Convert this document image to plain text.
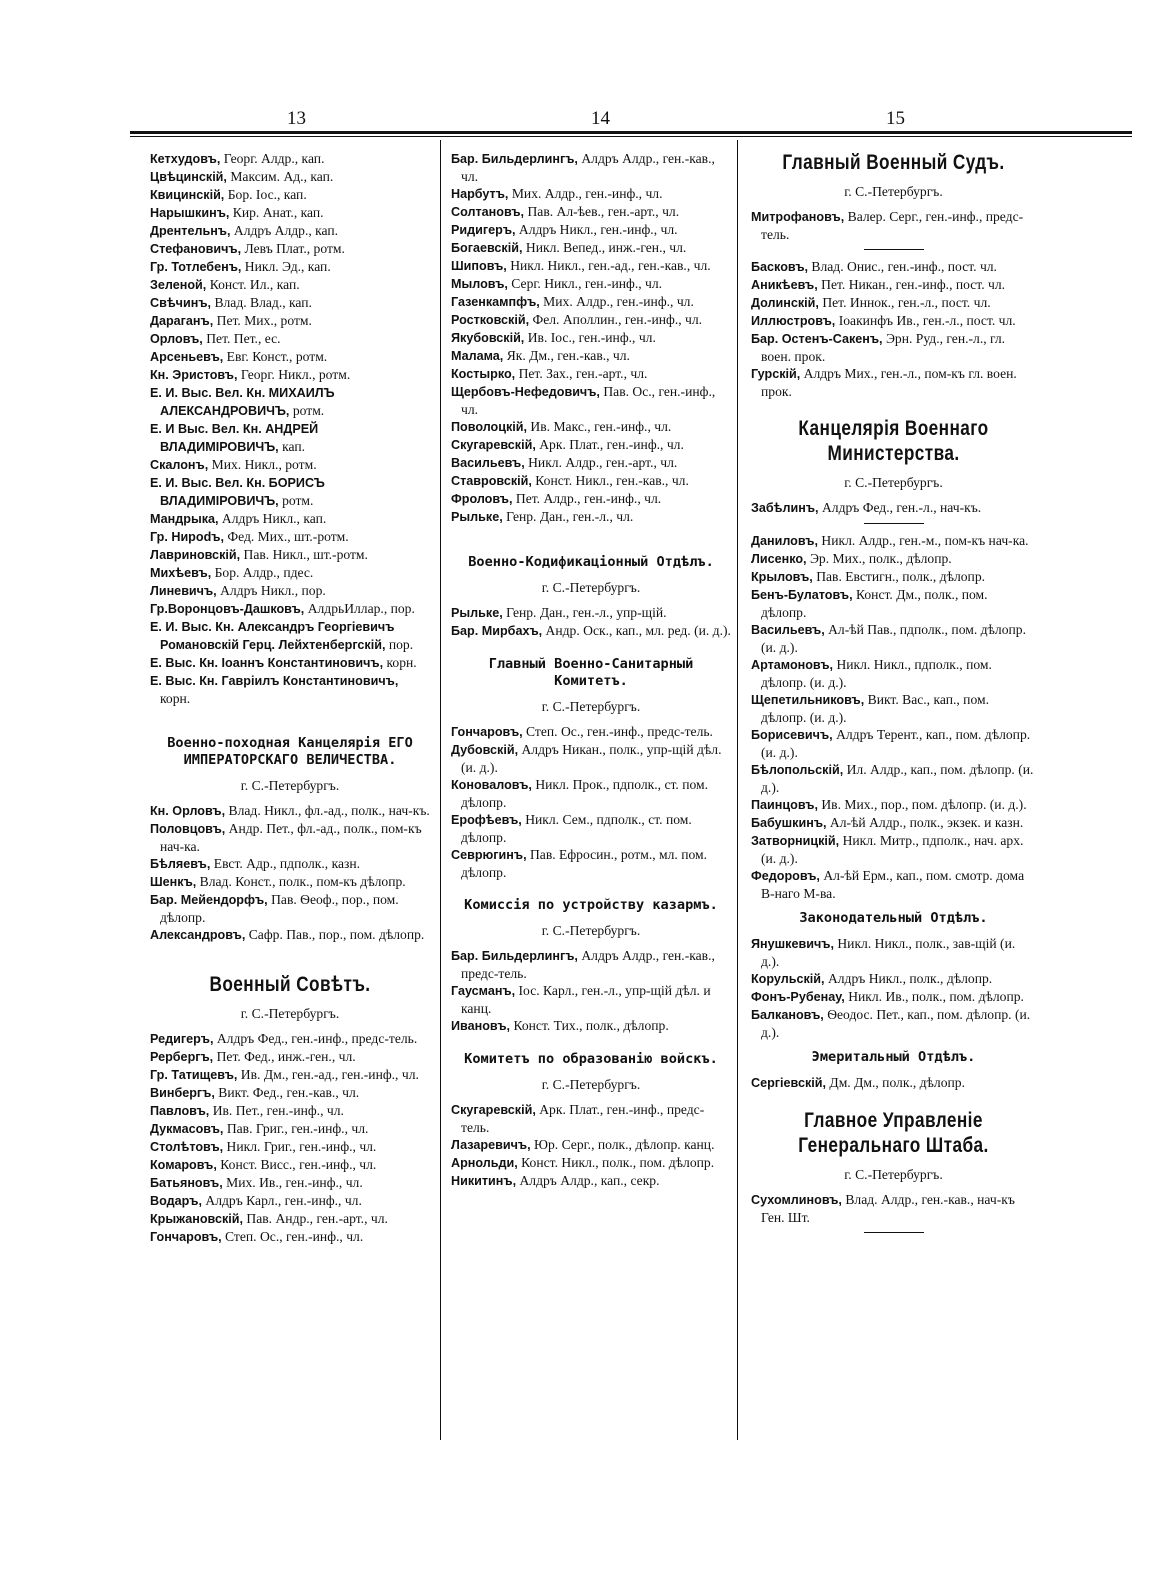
13	14	15
Кетхудовъ, Георг. Алдр., кап.
Цвѣцинскій, Максим. Ад., кап.
Квицинскій, Бор. Іос., кап.
Нарышкинъ, Кир. Анат., кап.
Дрентельнъ, Алдръ Алдр., кап.
Стефановичъ, Левъ Плат., ротм.
Гр. Тотлебенъ, Никл. Эд., кап.
Зеленой, Конст. Ил., кап.
Свѣчинъ, Влад. Влад., кап.
Дараганъ, Пет. Мих., ротм.
Орловъ, Пет. Пет., ес.
Арсеньевъ, Евг. Конст., ротм.
Кн. Эристовъ, Георг. Никл., ротм.
Е. И. Выс. Вел. Кн. МИХАИЛЪ АЛЕКСАНДРОВИЧЪ, ротм.
Е. И Выс. Вел. Кн. АНДРЕЙ ВЛАДИМІРОВИЧЪ, кап.
Скалонъ, Мих. Никл., ротм.
Е. И. Выс. Вел. Кн. БОРИСЪ ВЛАДИМІРОВИЧЪ, ротм.
Мандрыка, Алдръ Никл., кап.
Гр. Нироdъ, Фед. Мих., шт.-ротм.
Лавриновскій, Пав. Никл., шт.-ротм.
Михѣевъ, Бор. Алдр., пдес.
Линевичъ, Алдръ Никл., пор.
Гр.Воронцовъ-Дашковъ, АлдрьИллар., пор.
Е. И. Выс. Кн. Александръ Георгіевичъ Романовскій Герц. Лейхтенбергскій, пор.
Е. Выс. Кн. Іоаннъ Константиновичъ, корн.
Е. Выс. Кн. Гавріилъ Константиновичъ, корн.
Военно-походная Канцелярія ЕГО ИМПЕРАТОРСКАГО ВЕЛИЧЕСТВА.
г. С.-Петербургъ.
Кн. Орловъ, Влад. Никл., фл.-ад., полк., нач-къ.
Половцовъ, Андр. Пет., фл.-ад., полк., пом-къ нач-ка.
Бѣляевъ, Евст. Адр., пдполк., казн.
Шенкъ, Влад. Конст., полк., пом-къ дѣлопр.
Бар. Мейендорфъ, Пав. Ѳеоф., пор., пом. дѣлопр.
Александровъ, Сафр. Пав., пор., пом. дѣлопр.
Военный Совѣтъ.
г. С.-Петербургъ.
Редигеръ, Алдръ Фед., ген.-инф., предс-тель.
Рербергъ, Пет. Фед., инж.-ген., чл.
Гр. Татищевъ, Ив. Дм., ген.-ад., ген.-инф., чл.
Винбергъ, Викт. Фед., ген.-кав., чл.
Павловъ, Ив. Пет., ген.-инф., чл.
Дукмасовъ, Пав. Григ., ген.-инф., чл.
Столѣтовъ, Никл. Григ., ген.-инф., чл.
Комаровъ, Конст. Висс., ген.-инф., чл.
Батьяновъ, Мих. Ив., ген.-инф., чл.
Водаръ, Алдръ Карл., ген.-инф., чл.
Крыжановскій, Пав. Андр., ген.-арт., чл.
Гончаровъ, Степ. Ос., ген.-инф., чл.
Бар. Бильдерлингъ, Алдръ Алдр., ген.-кав., чл.
Нарбутъ, Мих. Алдр., ген.-инф., чл.
Солтановъ, Пав. Ал-ѣев., ген.-арт., чл.
Ридигеръ, Алдръ Никл., ген.-инф., чл.
Богаевскій, Никл. Вепед., инж.-ген., чл.
Шиповъ, Никл. Никл., ген.-ад., ген.-кав., чл.
Мыловъ, Серг. Никл., ген.-инф., чл.
Газенкампфъ, Мих. Алдр., ген.-инф., чл.
Ростковскій, Фел. Аполлин., ген.-инф., чл.
Якубовскій, Ив. Іос., ген.-инф., чл.
Малама, Як. Дм., ген.-кав., чл.
Костырко, Пет. Зах., ген.-арт., чл.
Щербовъ-Нефедовичъ, Пав. Ос., ген.-инф., чл.
Поволоцкій, Ив. Макс., ген.-инф., чл.
Скугаревскій, Арк. Плат., ген.-инф., чл.
Васильевъ, Никл. Алдр., ген.-арт., чл.
Ставровскій, Конст. Никл., ген.-кав., чл.
Фроловъ, Пет. Алдр., ген.-инф., чл.
Рыльке, Генр. Дан., ген.-л., чл.
Военно-Кодификаціонный Отдѣлъ.
г. С.-Петербургъ.
Рыльке, Генр. Дан., ген.-л., упр-щій.
Бар. Мирбахъ, Андр. Оск., кап., мл. ред. (и. д.).
Главный Военно-Санитарный Комитетъ.
г. С.-Петербургъ.
Гончаровъ, Степ. Ос., ген.-инф., предс-тель.
Дубовскій, Алдръ Никан., полк., упр-щій дѣл. (и. д.).
Коноваловъ, Никл. Прок., пдполк., ст. пом. дѣлопр.
Ерофѣевъ, Никл. Сем., пдполк., ст. пом. дѣлопр.
Севрюгинъ, Пав. Ефросин., ротм., мл. пом. дѣлопр.
Комиссія по устройству казармъ.
г. С.-Петербургъ.
Бар. Бильдерлингъ, Алдръ Алдр., ген.-кав., предс-тель.
Гаусманъ, Іос. Карл., ген.-л., упр-щій дѣл. и канц.
Ивановъ, Конст. Тих., полк., дѣлопр.
Комитетъ по образованію войскъ.
г. С.-Петербургъ.
Скугаревскій, Арк. Плат., ген.-инф., предс-тель.
Лазаревичъ, Юр. Серг., полк., дѣлопр. канц.
Арнольди, Конст. Никл., полк., пом. дѣлопр.
Никитинъ, Алдръ Алдр., кап., секр.
Главный Военный Судъ.
г. С.-Петербургъ.
Митрофановъ, Валер. Серг., ген.-инф., предс-тель.
Басковъ, Влад. Онис., ген.-инф., пост. чл.
Аникѣевъ, Пет. Никан., ген.-инф., пост. чл.
Долинскій, Пет. Иннок., ген.-л., пост. чл.
Иллюстровъ, Іоакинфъ Ив., ген.-л., пост. чл.
Бар. Остенъ-Сакенъ, Эрн. Руд., ген.-л., гл. воен. прок.
Гурскій, Алдръ Мих., ген.-л., пом-къ гл. воен. прок.
Канцелярія Военнаго Министерства.
г. С.-Петербургъ.
Забѣлинъ, Алдръ Фед., ген.-л., нач-къ.
Даниловъ, Никл. Алдр., ген.-м., пом-къ нач-ка.
Лисенко, Эр. Мих., полк., дѣлопр.
Крыловъ, Пав. Евстигн., полк., дѣлопр.
Бенъ-Булатовъ, Конст. Дм., полк., пом. дѣлопр.
Васильевъ, Ал-ѣй Пав., пдполк., пом. дѣлопр. (и. д.).
Артамоновъ, Никл. Никл., пдполк., пом. дѣлопр. (и. д.).
Щепетильниковъ, Викт. Вас., кап., пом. дѣлопр. (и. д.).
Борисевичъ, Алдръ Терент., кап., пом. дѣлопр. (и. д.).
Бѣлопольскій, Ил. Алдр., кап., пом. дѣлопр. (и. д.).
Паинцовъ, Ив. Мих., пор., пом. дѣлопр. (и. д.).
Бабушкинъ, Ал-ѣй Алдр., полк., экзек. и казн.
Затворницкій, Никл. Митр., пдполк., нач. арх. (и. д.).
Федоровъ, Ал-ѣй Ерм., кап., пом. смотр. дома В-наго М-ва.
Законодательный Отдѣлъ.
Янушкевичъ, Никл. Никл., полк., зав-щій (и. д.).
Корульскій, Алдръ Никл., полк., дѣлопр.
Фонъ-Рубенау, Никл. Ив., полк., пом. дѣлопр.
Балкановъ, Ѳеодос. Пет., кап., пом. дѣлопр. (и. д.).
Эмеритальный Отдѣлъ.
Сергіевскій, Дм. Дм., полк., дѣлопр.
Главное Управленіе Генеральнаго Штаба.
г. С.-Петербургъ.
Сухомлиновъ, Влад. Алдр., ген.-кав., нач-къ Ген. Шт.
